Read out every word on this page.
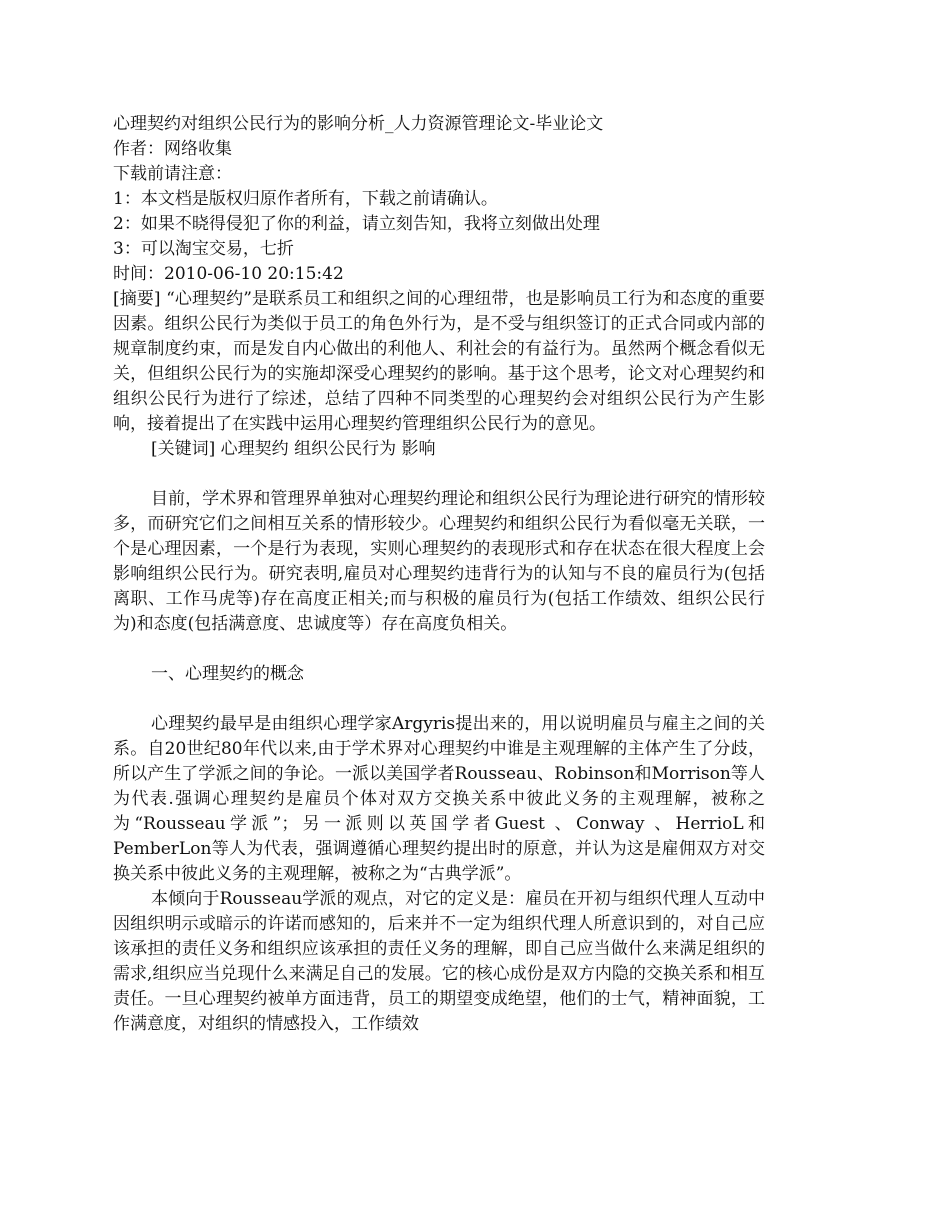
心理契约对组织公民行为的影响分析_人力资源管理论文-毕业论文
作者：网络收集
下载前请注意：
1：本文档是版权归原作者所有，下载之前请确认。
2：如果不晓得侵犯了你的利益，请立刻告知，我将立刻做出处理
3：可以淘宝交易，七折
时间：2010-06-10 20:15:42

[摘要] “心理契约”是联系员工和组织之间的心理纽带，也是影响员工行为和态度的重要因素。组织公民行为类似于员工的角色外行为，是不受与组织签订的正式合同或内部的规章制度约束，而是发自内心做出的利他人、利社会的有益行为。虽然两个概念看似无关，但组织公民行为的实施却深受心理契约的影响。基于这个思考，论文对心理契约和组织公民行为进行了综述，总结了四种不同类型的心理契约会对组织公民行为产生影响，接着提出了在实践中运用心理契约管理组织公民行为的意见。

[关键词] 心理契约 组织公民行为 影响

目前，学术界和管理界单独对心理契约理论和组织公民行为理论进行研究的情形较多，而研究它们之间相互关系的情形较少。心理契约和组织公民行为看似毫无关联，一个是心理因素，一个是行为表现，实则心理契约的表现形式和存在状态在很大程度上会影响组织公民行为。研究表明,雇员对心理契约违背行为的认知与不良的雇员行为(包括离职、工作马虎等)存在高度正相关;而与积极的雇员行为(包括工作绩效、组织公民行为)和态度(包括满意度、忠诚度等）存在高度负相关。

一、心理契约的概念

心理契约最早是由组织心理学家Argyris提出来的，用以说明雇员与雇主之间的关系。自20世纪80年代以来,由于学术界对心理契约中谁是主观理解的主体产生了分歧，所以产生了学派之间的争论。一派以美国学者Rousseau、Robinson和Morrison等人为代表.强调心理契约是雇员个体对双方交换关系中彼此义务的主观理解，被称之为“Rousseau学派”；另一派则以英国学者Guest 、Conway 、HerrioL和PemberLon等人为代表，强调遵循心理契约提出时的原意，并认为这是雇佣双方对交换关系中彼此义务的主观理解，被称之为“古典学派”。

本倾向于Rousseau学派的观点，对它的定义是：雇员在开初与组织代理人互动中因组织明示或暗示的许诺而感知的，后来并不一定为组织代理人所意识到的，对自己应该承担的责任义务和组织应该承担的责任义务的理解，即自己应当做什么来满足组织的需求,组织应当兑现什么来满足自己的发展。它的核心成份是双方内隐的交换关系和相互责任。一旦心理契约被单方面违背，员工的期望变成绝望，他们的士气，精神面貌，工作满意度，对组织的情感投入，工作绩效
